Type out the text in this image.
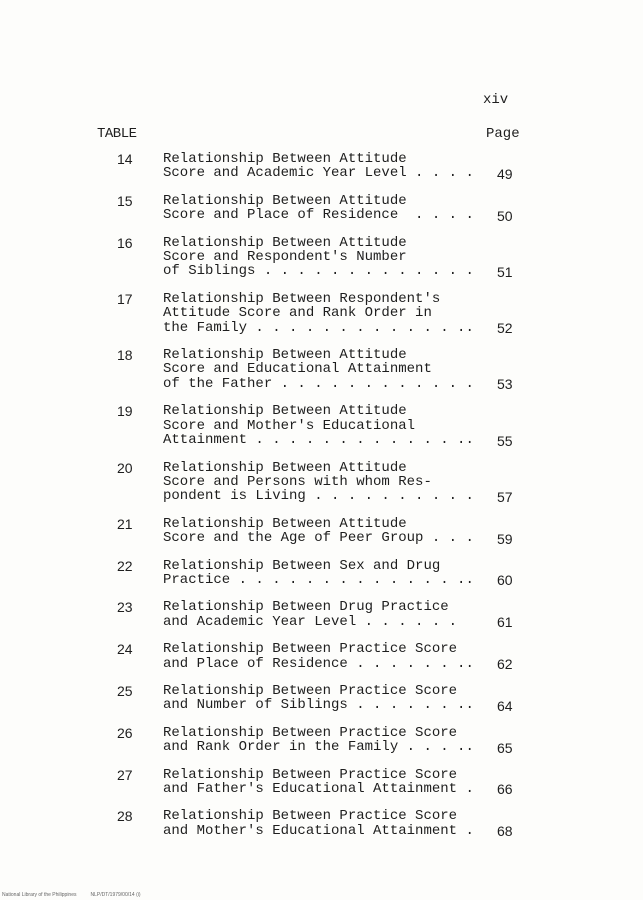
xiv
TABLE	Page
14 Relationship Between Attitude
Score and Academic Year Level . . . .	49
15 Relationship Between Attitude
Score and Place of Residence  . . . .	50
16 Relationship Between Attitude
Score and Respondent's Number
of Siblings . . . . . . . . . . . . .	51
17 Relationship Between Respondent's
Attitude Score and Rank Order in
the Family . . . . . . . . . . . . ..	52
18 Relationship Between Attitude
Score and Educational Attainment
of the Father . . . . . . . . . . . .	53
19 Relationship Between Attitude
Score and Mother's Educational
Attainment . . . . . . . . . . . . ..	55
20 Relationship Between Attitude
Score and Persons with whom Res-
pondent is Living . . . . . . . . . .	57
21 Relationship Between Attitude
Score and the Age of Peer Group . . .	59
22 Relationship Between Sex and Drug
Practice . . . . . . . . . . . . . ..	60
23 Relationship Between Drug Practice
and Academic Year Level . . . . . .	61
24 Relationship Between Practice Score
and Place of Residence . . . . . . ..	62
25 Relationship Between Practice Score
and Number of Siblings . . . . . . ..	64
26 Relationship Between Practice Score
and Rank Order in the Family . . . ..	65
27 Relationship Between Practice Score
and Father's Educational Attainment .	66
28 Relationship Between Practice Score
and Mother's Educational Attainment .	68
National Library of the Philippines	NLP/DT/1979/00/14 (i)
